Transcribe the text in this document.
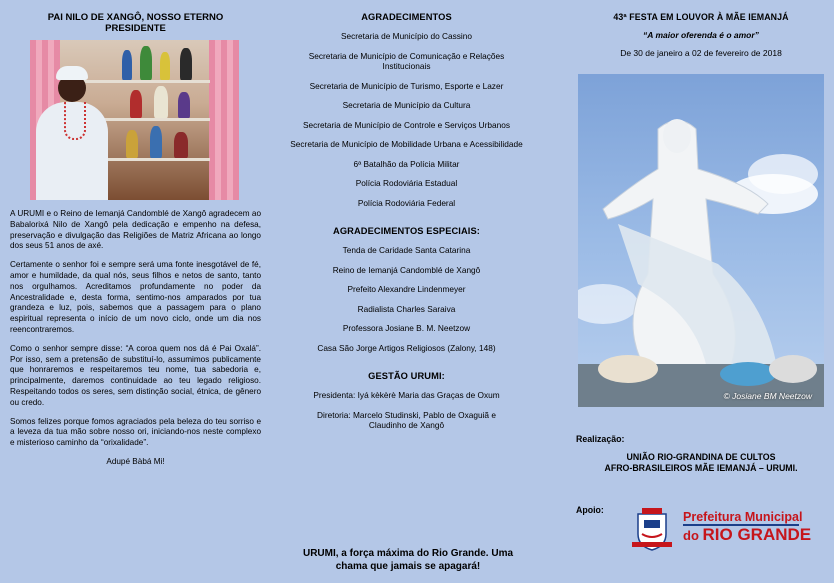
PAI NILO DE XANGÔ, NOSSO ETERNO
PRESIDENTE

A URUMI e o Reino de Iemanjá Candomblé de Xangô agradecem ao Babalorixá Nilo de Xangô pela dedicação e empenho na defesa, preservação e divulgação das Religiões de Matriz Africana ao longo dos seus 51 anos de axé.

Certamente o senhor foi e sempre será uma fonte inesgotável de fé, amor e humildade, da qual nós, seus filhos e netos de santo, tanto nos orgulhamos. Acreditamos profundamente no poder da Ancestralidade e, desta forma, sentimo-nos amparados por tua grandeza e luz, pois, sabemos que a passagem para o plano espiritual representa o início de um novo ciclo, onde um dia nos reencontraremos.

Como o senhor sempre disse: “A coroa quem nos dá é Pai Oxalá”. Por isso, sem a pretensão de substituí-lo, assumimos publicamente que honraremos e respeitaremos teu nome, tua sabedoria e, principalmente, daremos continuidade ao teu legado religioso. Respeitando todos os seres, sem distinção social, étnica, de gênero ou credo.

Somos felizes porque fomos agraciados pela beleza do teu sorriso e a leveza da tua mão sobre nosso ori, iniciando-nos neste complexo e misterioso caminho da “orixalidade”.

Adupé Bàbá Mi!

AGRADECIMENTOS

Secretaria de Município do Cassino

Secretaria de Município de Comunicação e Relações Institucionais

Secretaria de Município de Turismo, Esporte e Lazer

Secretaria de Município da Cultura

Secretaria de Município de Controle e Serviços Urbanos

Secretaria de Município de Mobilidade Urbana e Acessibilidade

6ª Batalhão da Polícia Militar

Polícia Rodoviária Estadual

Polícia Rodoviária Federal

AGRADECIMENTOS ESPECIAIS:

Tenda de Caridade Santa Catarina

Reino de Iemanjá Candomblé de Xangô

Prefeito Alexandre Lindenmeyer

Radialista Charles Saraiva

Professora Josiane B. M. Neetzow

Casa São Jorge Artigos Religiosos (Zalony, 148)

GESTÃO URUMI:

Presidenta: Iyá kèkèrè Maria das Graças de Oxum

Diretoria: Marcelo Studinski, Pablo de Oxaguiã e Claudinho de Xangô

URUMI, a força máxima do Rio Grande. Uma chama que jamais se apagará!

43ª FESTA EM LOUVOR À MÃE IEMANJÁ

“A maior oferenda é o amor”

De 30 de janeiro a 02 de fevereiro de 2018

© Josiane BM Neetzow

Realização:

UNIÃO RIO-GRANDINA DE CULTOS
AFRO-BRASILEIROS MÃE IEMANJÁ – URUMI.

Apoio:	Prefeitura Municipal
do RIO GRANDE
